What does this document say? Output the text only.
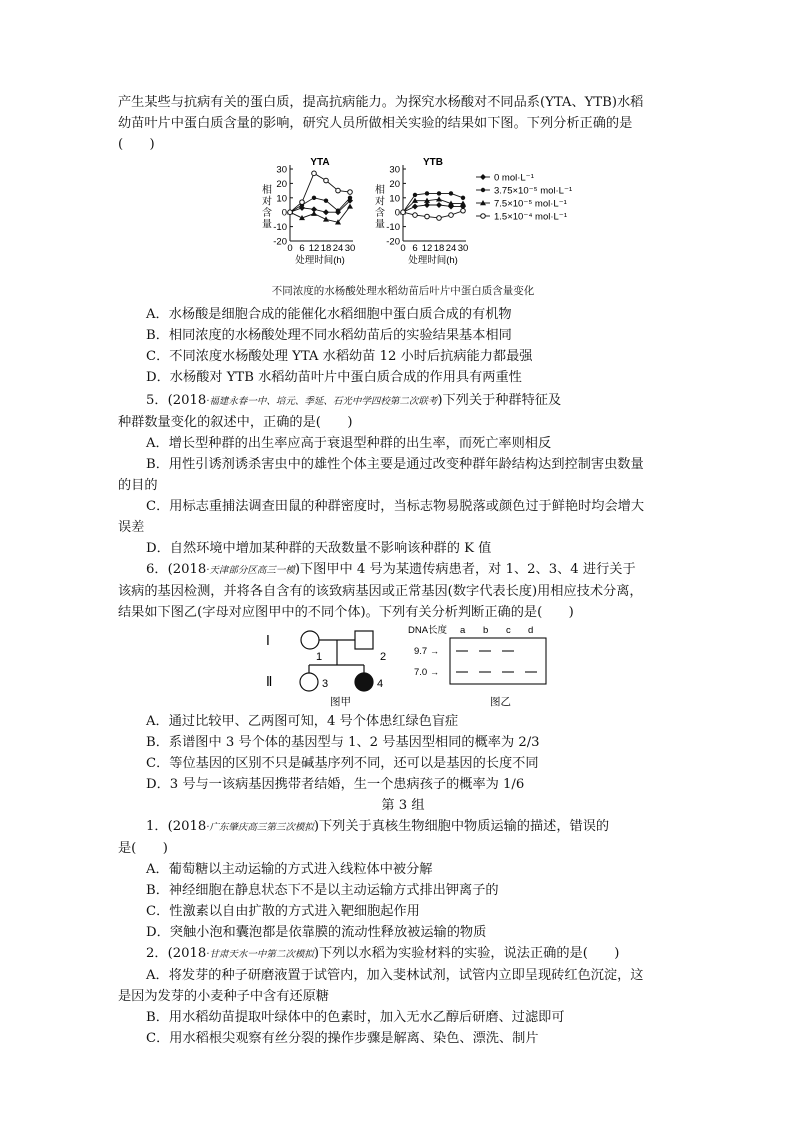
产生某些与抗病有关的蛋白质，提高抗病能力。为探究水杨酸对不同品系(YTA、YTB)水稻

幼苗叶片中蛋白质含量的影响，研究人员所做相关实验的结果如下图。下列分析正确的是

(　　)

YTA
-20
-10
0
10
20
30
0 6 12 18 24 30
相对含量
处理时间(h)
YTB
-20
-10
0
10
20
30
0 6 12 18 24 30
相对含量
处理时间(h)
0 mol·L⁻¹
3.75×10⁻⁵ mol·L⁻¹
7.5×10⁻⁵ mol·L⁻¹
1.5×10⁻⁴ mol·L⁻¹

不同浓度的水杨酸处理水稻幼苗后叶片中蛋白质含量变化

A．水杨酸是细胞合成的能催化水稻细胞中蛋白质合成的有机物

B．相同浓度的水杨酸处理不同水稻幼苗后的实验结果基本相同

C．不同浓度水杨酸处理 YTA 水稻幼苗 12 小时后抗病能力都最强

D．水杨酸对 YTB 水稻幼苗叶片中蛋白质合成的作用具有两重性

5．(2018·福建永春一中、培元、季延、石光中学四校第二次联考)下列关于种群特征及

种群数量变化的叙述中，正确的是(　　)

A．增长型种群的出生率应高于衰退型种群的出生率，而死亡率则相反

B．用性引诱剂诱杀害虫中的雄性个体主要是通过改变种群年龄结构达到控制害虫数量

的目的

C．用标志重捕法调查田鼠的种群密度时，当标志物易脱落或颜色过于鲜艳时均会增大

误差

D．自然环境中增加某种群的天敌数量不影响该种群的 K 值

6．(2018·天津部分区高三一模)下图甲中 4 号为某遗传病患者，对 1、2、3、4 进行关于

该病的基因检测，并将各自含有的该致病基因或正常基因(数字代表长度)用相应技术分离，

结果如下图乙(字母对应图甲中的不同个体)。下列有关分析判断正确的是(　　)

Ⅰ
Ⅱ
1	2
3	4
图甲
DNA长度 a b c d
9.7 →
7.0 →
图乙

A．通过比较甲、乙两图可知，4 号个体患红绿色盲症

B．系谱图中 3 号个体的基因型与 1、2 号基因型相同的概率为 2/3

C．等位基因的区别不只是碱基序列不同，还可以是基因的长度不同

D．3 号与一该病基因携带者结婚，生一个患病孩子的概率为 1/6

第 3 组

1．(2018·广东肇庆高三第三次模拟)下列关于真核生物细胞中物质运输的描述，错误的

是(　　)

A．葡萄糖以主动运输的方式进入线粒体中被分解

B．神经细胞在静息状态下不是以主动运输方式排出钾离子的

C．性激素以自由扩散的方式进入靶细胞起作用

D．突触小泡和囊泡都是依靠膜的流动性释放被运输的物质

2．(2018·甘肃天水一中第二次模拟)下列以水稻为实验材料的实验，说法正确的是(　　)

A．将发芽的种子研磨液置于试管内，加入斐林试剂，试管内立即呈现砖红色沉淀，这

是因为发芽的小麦种子中含有还原糖

B．用水稻幼苗提取叶绿体中的色素时，加入无水乙醇后研磨、过滤即可

C．用水稻根尖观察有丝分裂的操作步骤是解离、染色、漂洗、制片
